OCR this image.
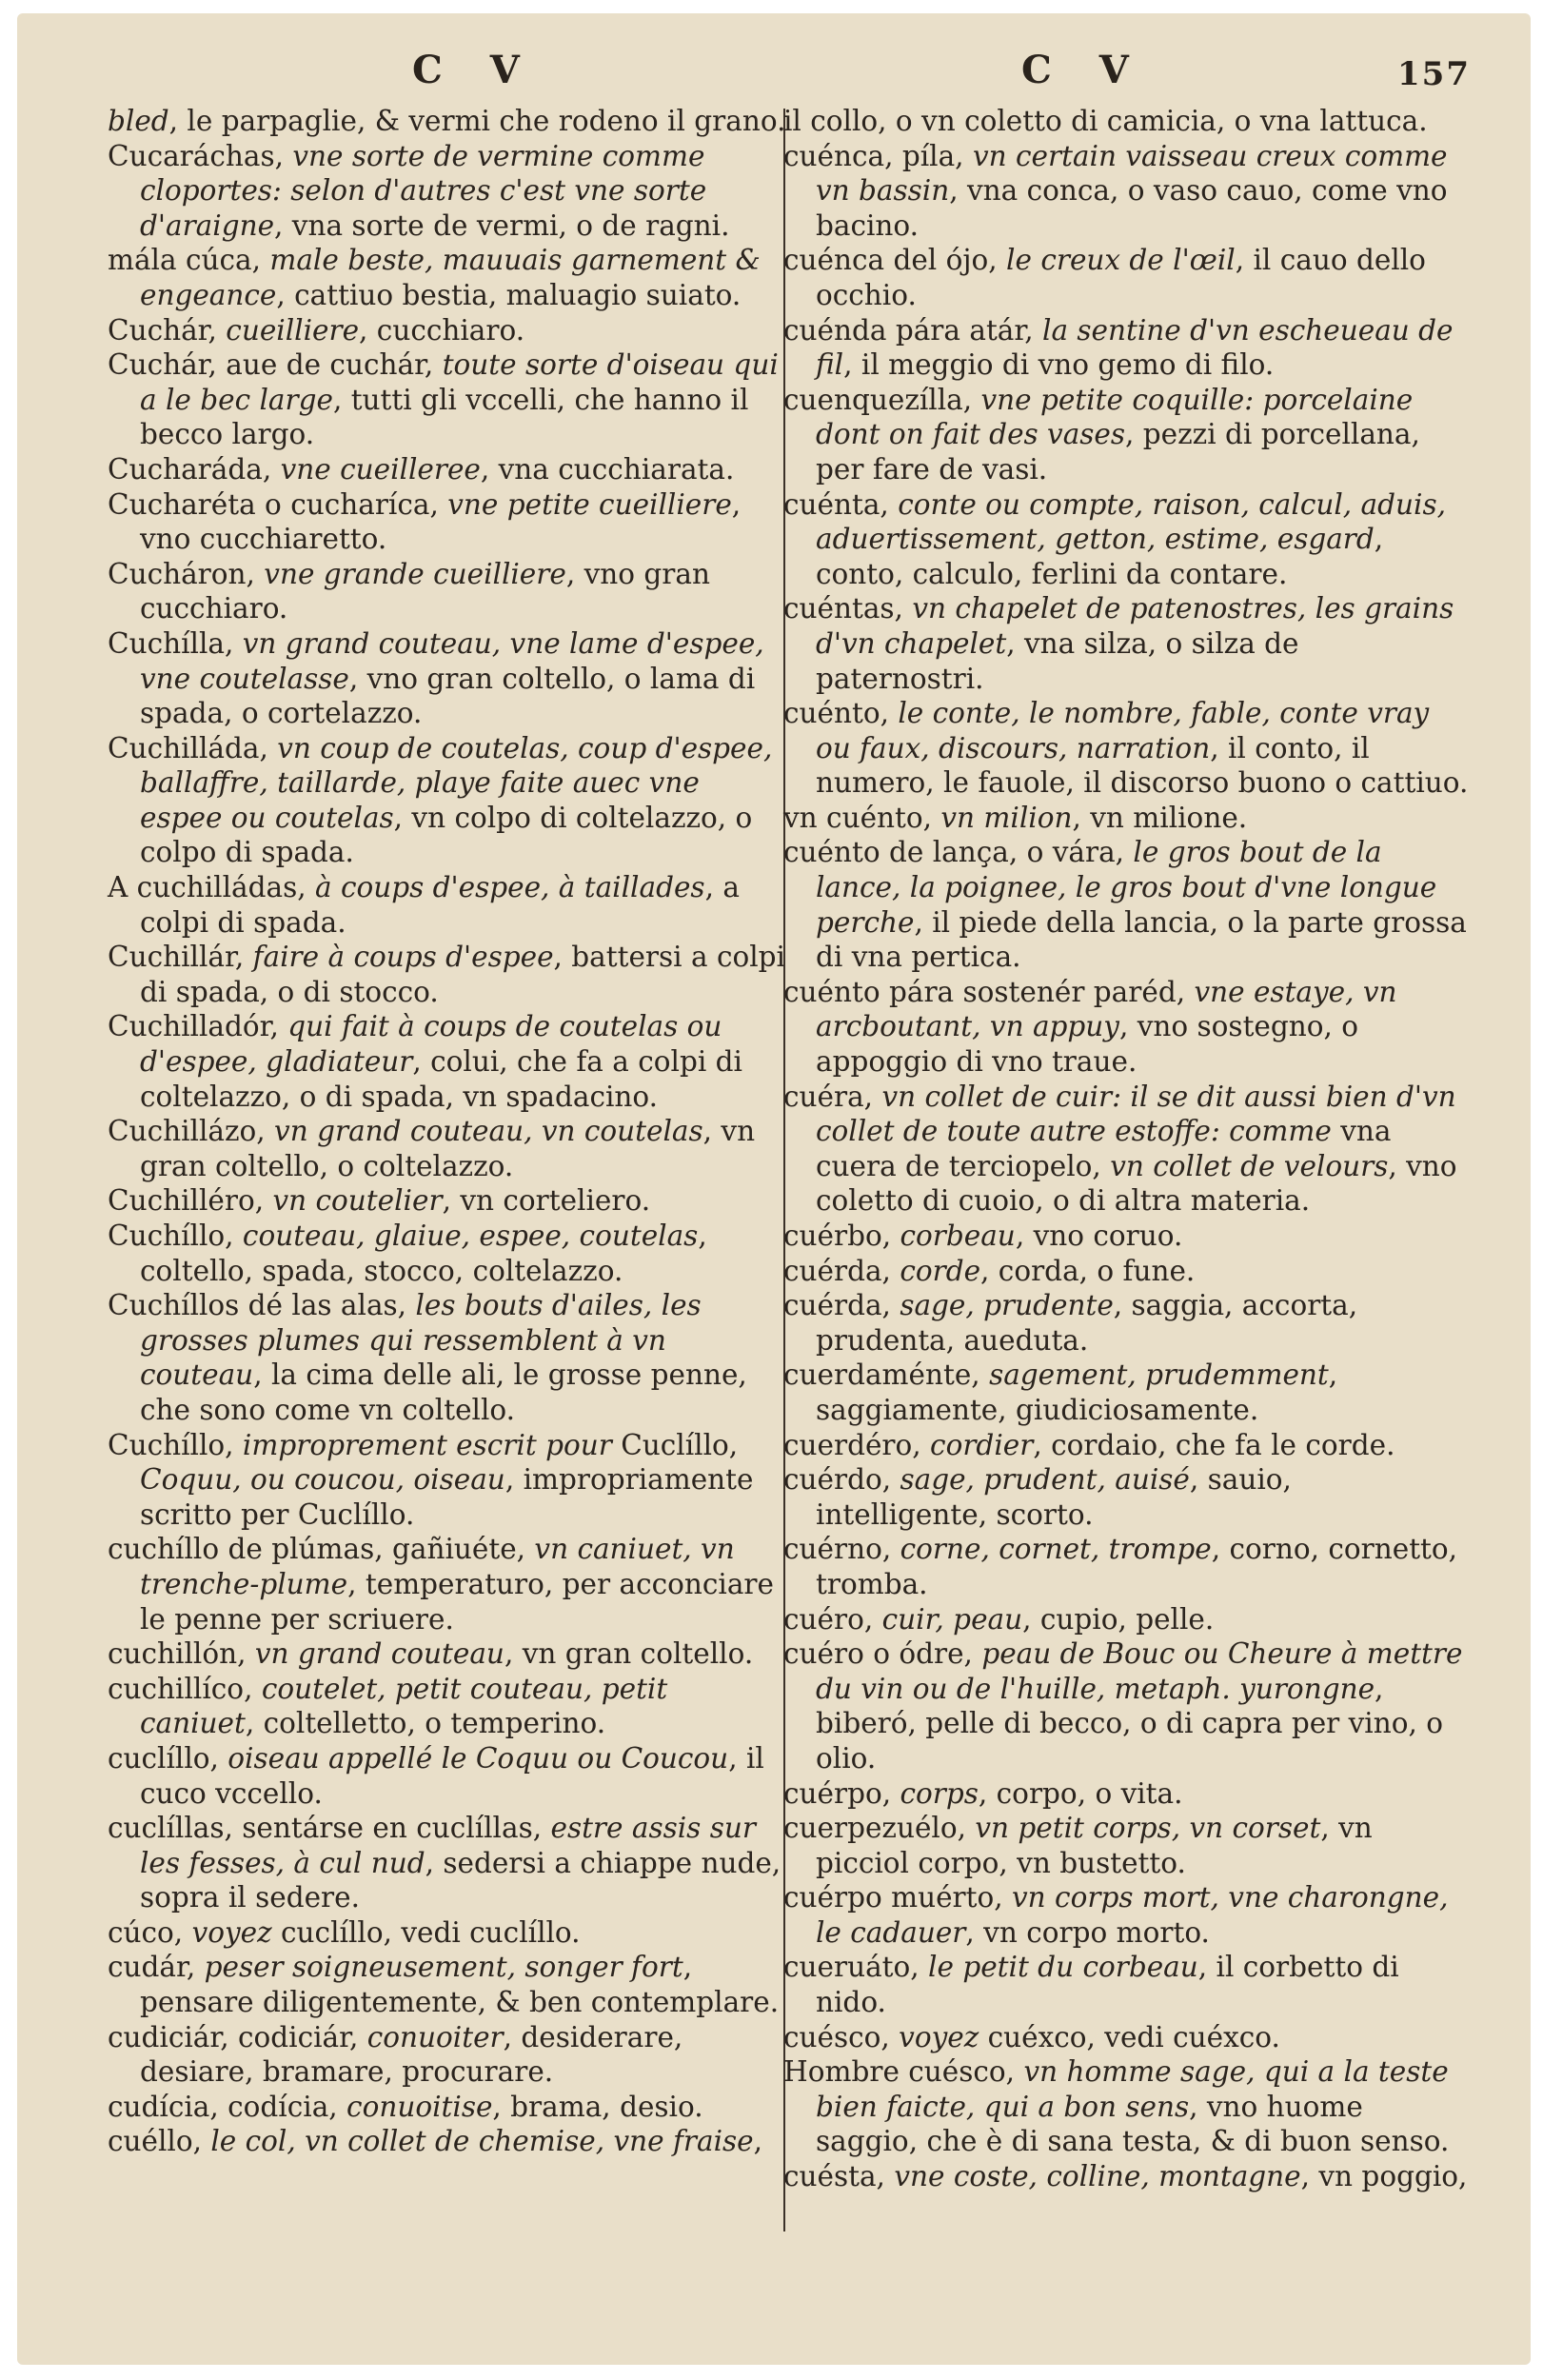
C V	C V	157
bled, le parpaglie, & vermi che rodeno il grano.
Cucaráchas, vne sorte de vermine comme cloportes: selon d'autres c'est vne sorte d'araigne, vna sorte de vermi, o de ragni.
mála cúca, male beste, mauuais garnement & engeance, cattiuo bestia, maluagio suiato.
Cuchár, cueilliere, cucchiaro.
Cuchár, aue de cuchár, toute sorte d'oiseau qui a le bec large, tutti gli vccelli, che hanno il becco largo.
Cucharáda, vne cueilleree, vna cucchiarata.
Cucharéta o cucharíca, vne petite cueilliere, vno cucchiaretto.
Cucháron, vne grande cueilliere, vno gran cucchiaro.
Cuchílla, vn grand couteau, vne lame d'espee, vne coutelasse, vno gran coltello, o lama di spada, o cortelazzo.
Cuchilláda, vn coup de coutelas, coup d'espee, ballaffre, taillarde, playe faite auec vne espee ou coutelas, vn colpo di coltelazzo, o colpo di spada.
A cuchilládas, à coups d'espee, à taillades, a colpi di spada.
Cuchillár, faire à coups d'espee, battersi a colpi di spada, o di stocco.
Cuchilladór, qui fait à coups de coutelas ou d'espee, gladiateur, colui, che fa a colpi di coltelazzo, o di spada, vn spadacino.
Cuchillázo, vn grand couteau, vn coutelas, vn gran coltello, o coltelazzo.
Cuchilléro, vn coutelier, vn corteliero.
Cuchíllo, couteau, glaiue, espee, coutelas, coltello, spada, stocco, coltelazzo.
Cuchíllos dé las alas, les bouts d'ailes, les grosses plumes qui ressemblent à vn couteau, la cima delle ali, le grosse penne, che sono come vn coltello.
Cuchíllo, improprement escrit pour Cuclíllo, Coquu, ou coucou, oiseau, impropriamente scritto per Cuclíllo.
cuchíllo de plúmas, gañiuéte, vn caniuet, vn trenche-plume, temperaturo, per acconciare le penne per scriuere.
cuchillón, vn grand couteau, vn gran coltello.
cuchillíco, coutelet, petit couteau, petit caniuet, coltelletto, o temperino.
cuclíllo, oiseau appellé le Coquu ou Coucou, il cuco vccello.
cuclíllas, sentárse en cuclíllas, estre assis sur les fesses, à cul nud, sedersi a chiappe nude, sopra il sedere.
cúco, voyez cuclíllo, vedi cuclíllo.
cudár, peser soigneusement, songer fort, pensare diligentemente, & ben contemplare.
cudiciár, codiciár, conuoiter, desiderare, desiare, bramare, procurare.
cudícia, codícia, conuoitise, brama, desio.
cuéllo, le col, vn collet de chemise, vne fraise,
il collo, o vn coletto di camicia, o vna lattuca.
cuénca, píla, vn certain vaisseau creux comme vn bassin, vna conca, o vaso cauo, come vno bacino.
cuénca del ójo, le creux de l'œil, il cauo dello occhio.
cuénda pára atár, la sentine d'vn escheueau de fil, il meggio di vno gemo di filo.
cuenquezílla, vne petite coquille: porcelaine dont on fait des vases, pezzi di porcellana, per fare de vasi.
cuénta, conte ou compte, raison, calcul, aduis, aduertissement, getton, estime, esgard, conto, calculo, ferlini da contare.
cuéntas, vn chapelet de patenostres, les grains d'vn chapelet, vna silza, o silza de paternostri.
cuénto, le conte, le nombre, fable, conte vray ou faux, discours, narration, il conto, il numero, le fauole, il discorso buono o cattiuo.
vn cuénto, vn milion, vn milione.
cuénto de lança, o vára, le gros bout de la lance, la poignee, le gros bout d'vne longue perche, il piede della lancia, o la parte grossa di vna pertica.
cuénto pára sostenér paréd, vne estaye, vn arcboutant, vn appuy, vno sostegno, o appoggio di vno traue.
cuéra, vn collet de cuir: il se dit aussi bien d'vn collet de toute autre estoffe: comme vna cuera de terciopelo, vn collet de velours, vno coletto di cuoio, o di altra materia.
cuérbo, corbeau, vno coruo.
cuérda, corde, corda, o fune.
cuérda, sage, prudente, saggia, accorta, prudenta, aueduta.
cuerdaménte, sagement, prudemment, saggiamente, giudiciosamente.
cuerdéro, cordier, cordaio, che fa le corde.
cuérdo, sage, prudent, auisé, sauio, intelligente, scorto.
cuérno, corne, cornet, trompe, corno, cornetto, tromba.
cuéro, cuir, peau, cupio, pelle.
cuéro o ódre, peau de Bouc ou Cheure à mettre du vin ou de l'huille, metaph. yurongne, biberó, pelle di becco, o di capra per vino, o olio.
cuérpo, corps, corpo, o vita.
cuerpezuélo, vn petit corps, vn corset, vn picciol corpo, vn bustetto.
cuérpo muérto, vn corps mort, vne charongne, le cadauer, vn corpo morto.
cueruáto, le petit du corbeau, il corbetto di nido.
cuésco, voyez cuéxco, vedi cuéxco.
Hombre cuésco, vn homme sage, qui a la teste bien faicte, qui a bon sens, vno huome saggio, che è di sana testa, & di buon senso.
cuésta, vne coste, colline, montagne, vn poggio,
